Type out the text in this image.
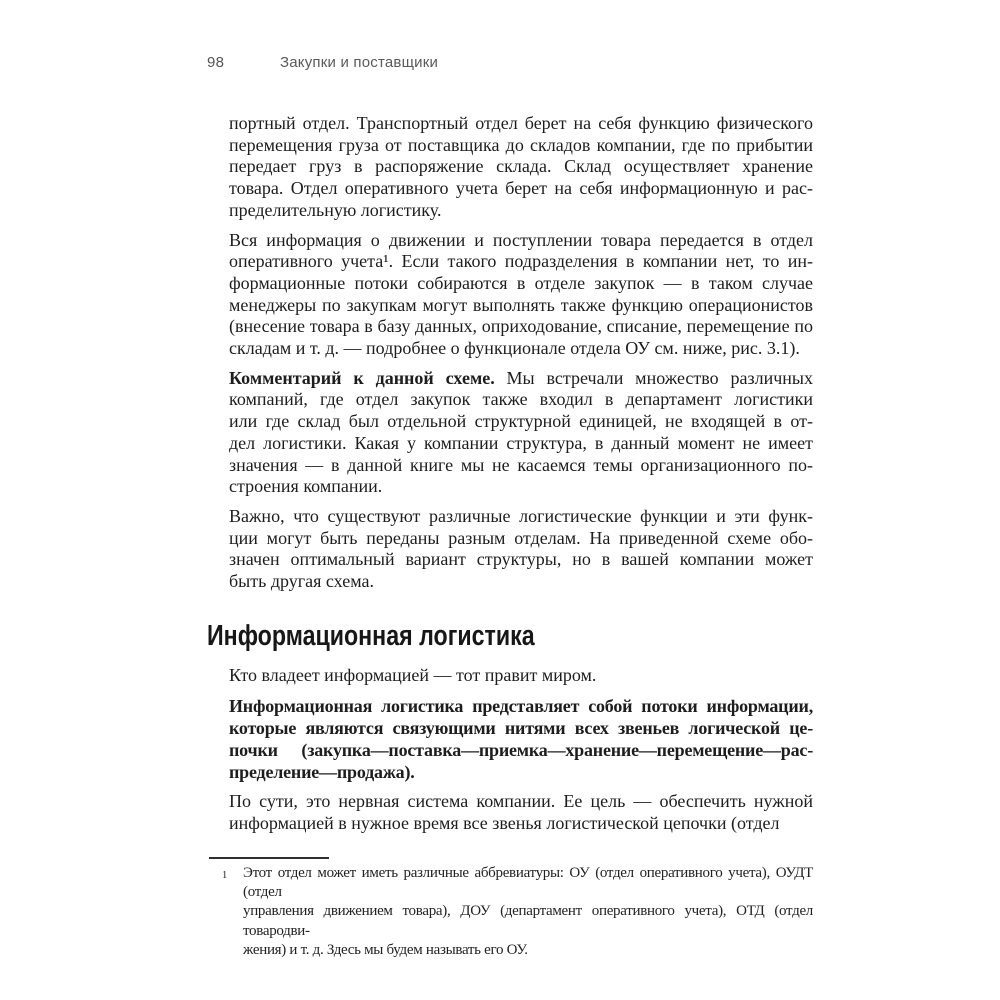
98	Закупки и поставщики
портный отдел. Транспортный отдел берет на себя функцию физического
перемещения груза от поставщика до складов компании, где по прибытии
передает груз в распоряжение склада. Склад осуществляет хранение
товара. Отдел оперативного учета берет на себя информационную и рас-
пределительную логистику.
Вся информация о движении и поступлении товара передается в отдел
оперативного учета¹. Если такого подразделения в компании нет, то ин-
формационные потоки собираются в отделе закупок — в таком случае
менеджеры по закупкам могут выполнять также функцию операционистов
(внесение товара в базу данных, оприходование, списание, перемещение по
складам и т. д. — подробнее о функционале отдела ОУ см. ниже, рис. 3.1).
Комментарий к данной схеме. Мы встречали множество различных
компаний, где отдел закупок также входил в департамент логистики
или где склад был отдельной структурной единицей, не входящей в от-
дел логистики. Какая у компании структура, в данный момент не имеет
значения — в данной книге мы не касаемся темы организационного по-
строения компании.
Важно, что существуют различные логистические функции и эти функ-
ции могут быть переданы разным отделам. На приведенной схеме обо-
значен оптимальный вариант структуры, но в вашей компании может
быть другая схема.
Информационная логистика
Кто владеет информацией — тот правит миром.
Информационная логистика представляет собой потоки информации,
которые являются связующими нитями всех звеньев логической це-
почки (закупка—поставка—приемка—хранение—перемещение—рас-
пределение—продажа).
По сути, это нервная система компании. Ее цель — обеспечить нужной
информацией в нужное время все звенья логистической цепочки (отдел
1 Этот отдел может иметь различные аббревиатуры: ОУ (отдел оперативного учета), ОУДТ (отдел
управления движением товара), ДОУ (департамент оперативного учета), ОТД (отдел товародви-
жения) и т. д. Здесь мы будем называть его ОУ.
